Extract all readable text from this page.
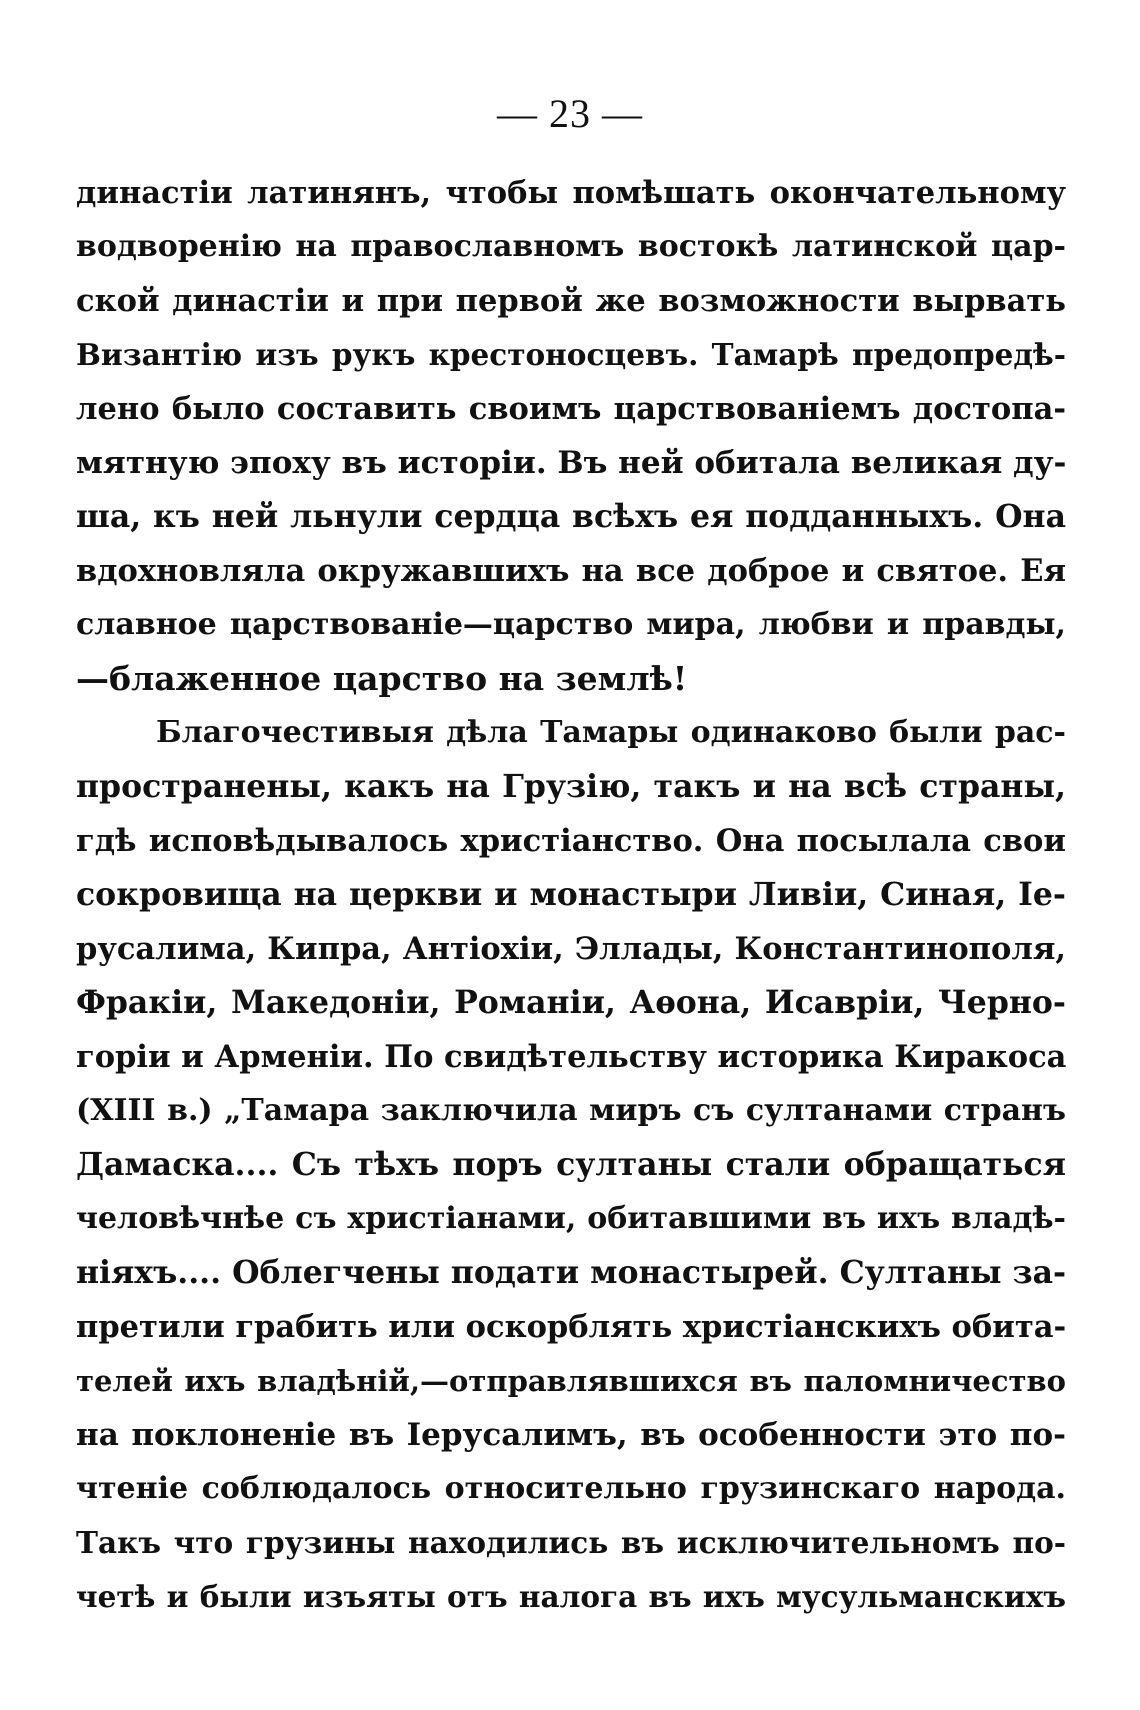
— 23 —
династіи латинянъ, чтобы помѣшать окончательному
водворенію на православномъ востокѣ латинской цар-
ской династіи и при первой же возможности вырвать
Византію изъ рукъ крестоносцевъ. Тамарѣ предопредѣ-
лено было составить своимъ царствованіемъ достопа-
мятную эпоху въ исторіи. Въ ней обитала великая ду-
ша, къ ней льнули сердца всѣхъ ея подданныхъ. Она
вдохновляла окружавшихъ на все доброе и святое. Ея
славное царствованіе—царство мира, любви и правды,
—блаженное царство на землѣ!
Благочестивыя дѣла Тамары одинаково были рас-
пространены, какъ на Грузію, такъ и на всѣ страны,
гдѣ исповѣдывалось христіанство. Она посылала свои
сокровища на церкви и монастыри Ливіи, Синая, Іе-
русалима, Кипра, Антіохіи, Эллады, Константинополя,
Фракіи, Македоніи, Романіи, Аѳона, Исавріи, Черно-
горіи и Арменіи. По свидѣтельству историка Киракоса
(XIII в.) „Тамара заключила миръ съ султанами странъ
Дамаска.... Съ тѣхъ поръ султаны стали обращаться
человѣчнѣе съ христіанами, обитавшими въ ихъ владѣ-
ніяхъ.... Облегчены подати монастырей. Султаны за-
претили грабить или оскорблять христіанскихъ обита-
телей ихъ владѣній,—отправлявшихся въ паломничество
на поклоненіе въ Іерусалимъ, въ особенности это по-
чтеніе соблюдалось относительно грузинскаго народа.
Такъ что грузины находились въ исключительномъ по-
четѣ и были изъяты отъ налога въ ихъ мусульманскихъ
